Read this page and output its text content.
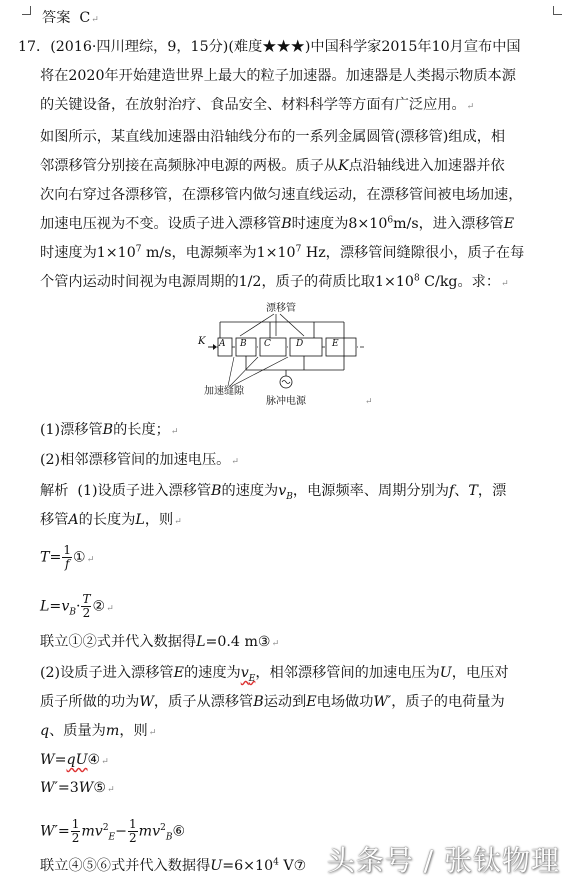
答案 C↵
17．(2016·四川理综，9，15分)(难度★★★)中国科学家2015年10月宣布中国
将在2020年开始建造世界上最大的粒子加速器。加速器是人类揭示物质本源
的关键设备，在放射治疗、食品安全、材料科学等方面有广泛应用。↵
如图所示，某直线加速器由沿轴线分布的一系列金属圆管(漂移管)组成，相
邻漂移管分别接在高频脉冲电源的两极。质子从K点沿轴线进入加速器并依
次向右穿过各漂移管，在漂移管内做匀速直线运动，在漂移管间被电场加速，
加速电压视为不变。设质子进入漂移管B时速度为$8\times 10^6m/s$，进入漂移管E
时速度为$1\times 10^7$ m/s，电源频率为$1\times 10^7$ Hz，漂移管间缝隙很小，质子在每
个管内运动时间视为电源周期的1/2，质子的荷质比取$1\times 10^8$ C/kg。求：↵
漂移管
K A B C	D	E
加速缝隙
脉冲电源	↵
(1)漂移管B的长度；↵
(2)相邻漂移管间的加速电压。↵
解析 (1)设质子进入漂移管B的速度为$v_B$，电源频率、周期分别为f、T，漂
移管A的长度为L，则↵
$T= \frac{1}{f}$ ①↵
$L=v_B\cdot \frac{T}{2}$ ②↵
联立①②式并代入数据得L=0.4 m③↵
(2)设质子进入漂移管E的速度为$v_E$，相邻漂移管间的加速电压为U，电压对
质子所做的功为W，质子从漂移管B运动到E电场做功W′，质子的电荷量为
q、质量为m，则↵
W=qU④↵
W′=3W⑤↵
$W'= \frac{1}{2} mv^2_E- \frac{1}{2}$ $mv^2_B⑥$
联立④⑤⑥式并代入数据得$U=6\times 10^4$ V⑦ 头条号 / 张钛物理
